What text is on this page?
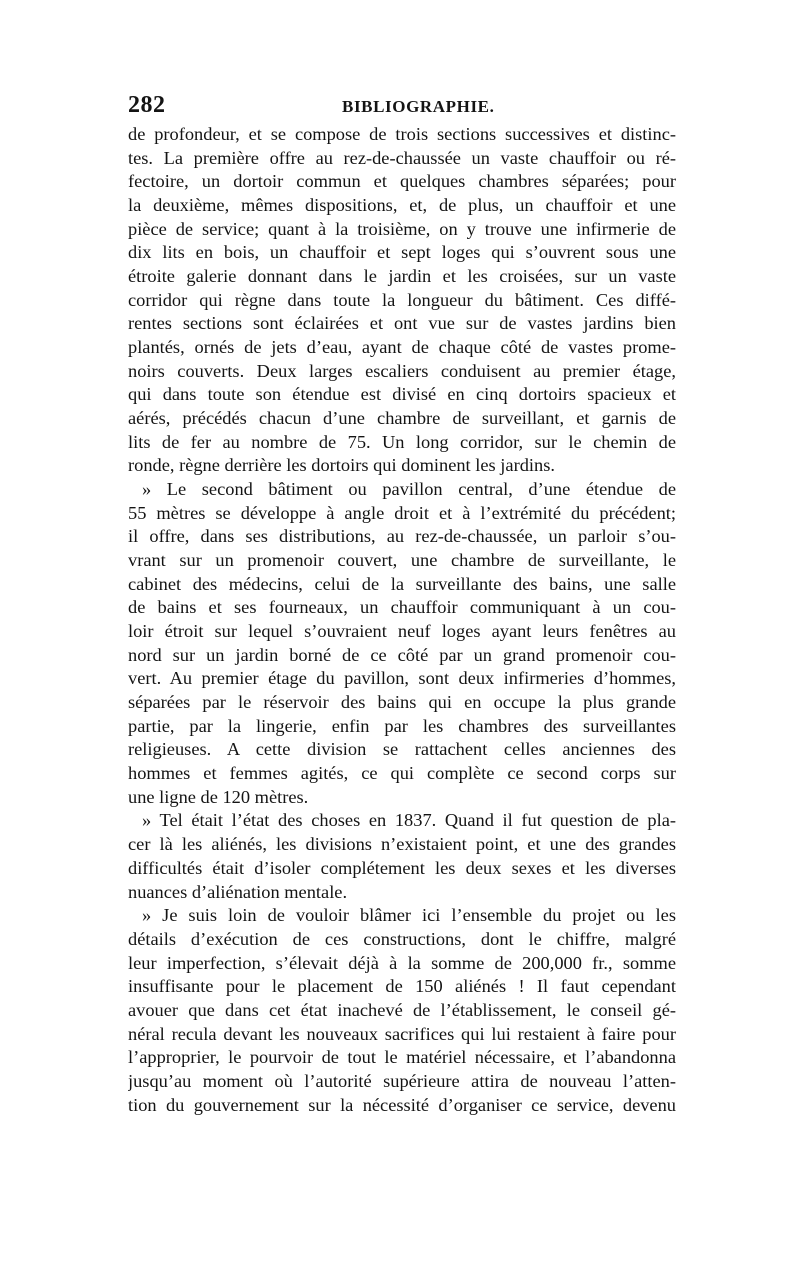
282	BIBLIOGRAPHIE.
de profondeur, et se compose de trois sections successives et distinc-
tes. La première offre au rez-de-chaussée un vaste chauffoir ou ré-
fectoire, un dortoir commun et quelques chambres séparées; pour
la deuxième, mêmes dispositions, et, de plus, un chauffoir et une
pièce de service; quant à la troisième, on y trouve une infirmerie de
dix lits en bois, un chauffoir et sept loges qui s’ouvrent sous une
étroite galerie donnant dans le jardin et les croisées, sur un vaste
corridor qui règne dans toute la longueur du bâtiment. Ces diffé-
rentes sections sont éclairées et ont vue sur de vastes jardins bien
plantés, ornés de jets d’eau, ayant de chaque côté de vastes prome-
noirs couverts. Deux larges escaliers conduisent au premier étage,
qui dans toute son étendue est divisé en cinq dortoirs spacieux et
aérés, précédés chacun d’une chambre de surveillant, et garnis de
lits de fer au nombre de 75. Un long corridor, sur le chemin de
ronde, règne derrière les dortoirs qui dominent les jardins.
» Le second bâtiment ou pavillon central, d’une étendue de
55 mètres se développe à angle droit et à l’extrémité du précédent;
il offre, dans ses distributions, au rez-de-chaussée, un parloir s’ou-
vrant sur un promenoir couvert, une chambre de surveillante, le
cabinet des médecins, celui de la surveillante des bains, une salle
de bains et ses fourneaux, un chauffoir communiquant à un cou-
loir étroit sur lequel s’ouvraient neuf loges ayant leurs fenêtres au
nord sur un jardin borné de ce côté par un grand promenoir cou-
vert. Au premier étage du pavillon, sont deux infirmeries d’hommes,
séparées par le réservoir des bains qui en occupe la plus grande
partie, par la lingerie, enfin par les chambres des surveillantes
religieuses. A cette division se rattachent celles anciennes des
hommes et femmes agités, ce qui complète ce second corps sur
une ligne de 120 mètres.
» Tel était l’état des choses en 1837. Quand il fut question de pla-
cer là les aliénés, les divisions n’existaient point, et une des grandes
difficultés était d’isoler complétement les deux sexes et les diverses
nuances d’aliénation mentale.
» Je suis loin de vouloir blâmer ici l’ensemble du projet ou les
détails d’exécution de ces constructions, dont le chiffre, malgré
leur imperfection, s’élevait déjà à la somme de 200,000 fr., somme
insuffisante pour le placement de 150 aliénés ! Il faut cependant
avouer que dans cet état inachevé de l’établissement, le conseil gé-
néral recula devant les nouveaux sacrifices qui lui restaient à faire pour
l’approprier, le pourvoir de tout le matériel nécessaire, et l’abandonna
jusqu’au moment où l’autorité supérieure attira de nouveau l’atten-
tion du gouvernement sur la nécessité d’organiser ce service, devenu
